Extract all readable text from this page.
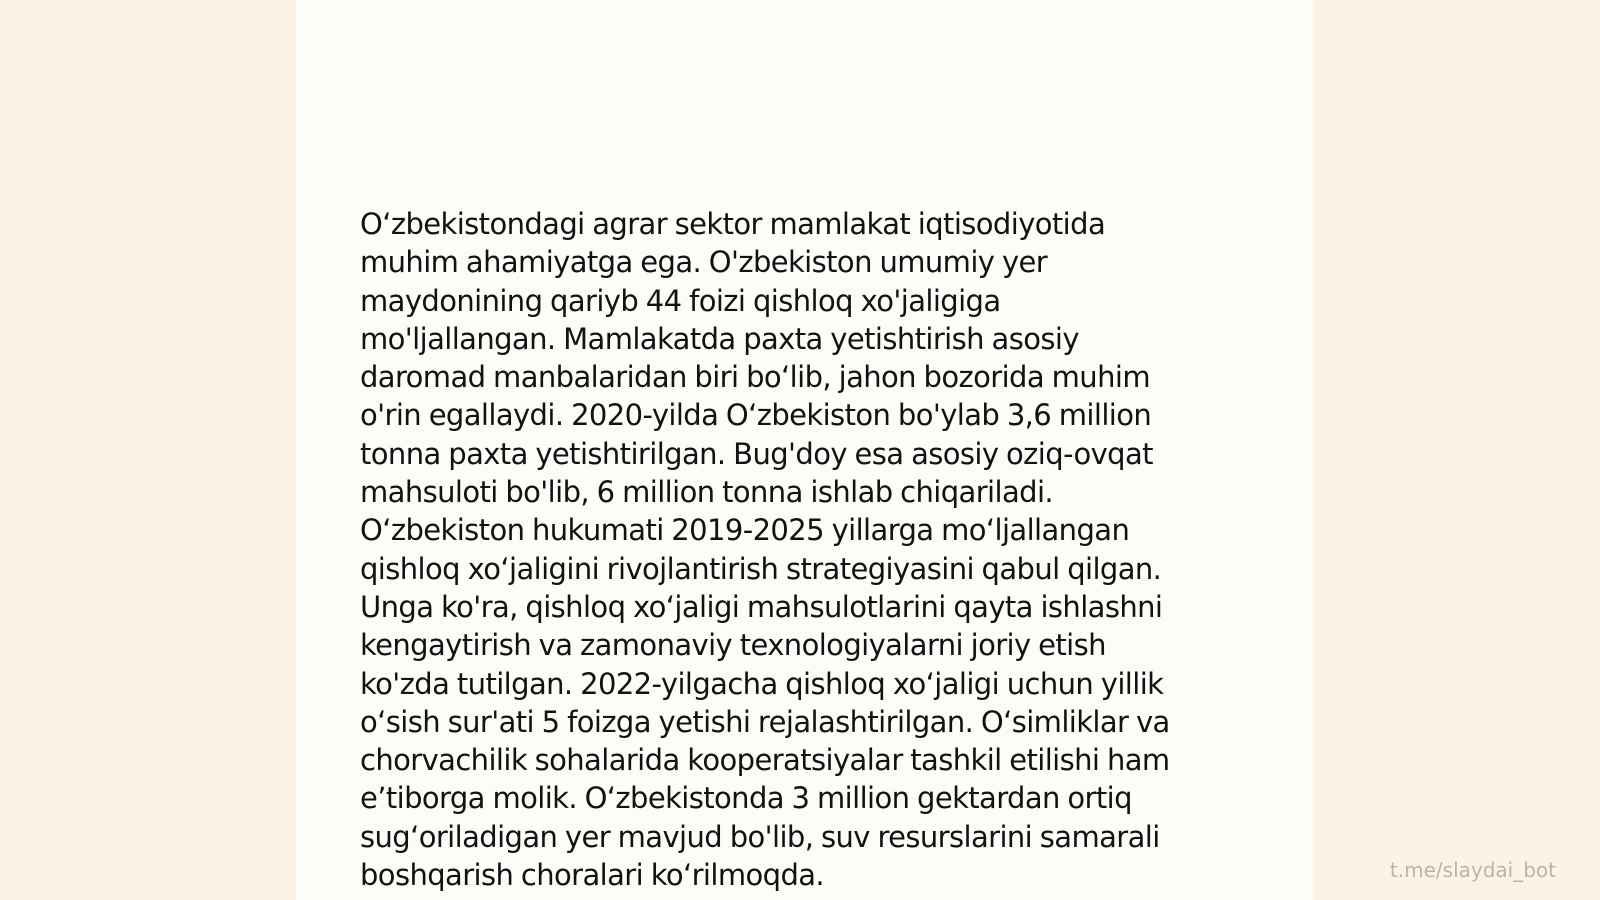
O‘zbekistondagi agrar sektor mamlakat iqtisodiyotida
muhim ahamiyatga ega. O'zbekiston umumiy yer
maydonining qariyb 44 foizi qishloq xo'jaligiga
mo'ljallangan. Mamlakatda paxta yetishtirish asosiy
daromad manbalaridan biri bo‘lib, jahon bozorida muhim
o'rin egallaydi. 2020-yilda O‘zbekiston bo'ylab 3,6 million
tonna paxta yetishtirilgan. Bug'doy esa asosiy oziq-ovqat
mahsuloti bo'lib, 6 million tonna ishlab chiqariladi.
O‘zbekiston hukumati 2019-2025 yillarga mo‘ljallangan
qishloq xo‘jaligini rivojlantirish strategiyasini qabul qilgan.
Unga ko'ra, qishloq xo‘jaligi mahsulotlarini qayta ishlashni
kengaytirish va zamonaviy texnologiyalarni joriy etish
ko'zda tutilgan. 2022-yilgacha qishloq xo‘jaligi uchun yillik
o‘sish sur'ati 5 foizga yetishi rejalashtirilgan. O‘simliklar va
chorvachilik sohalarida kooperatsiyalar tashkil etilishi ham
e’tiborga molik. O‘zbekistonda 3 million gektardan ortiq
sug‘oriladigan yer mavjud bo'lib, suv resurslarini samarali
boshqarish choralari ko‘rilmoqda.	t.me/slaydai_bot
